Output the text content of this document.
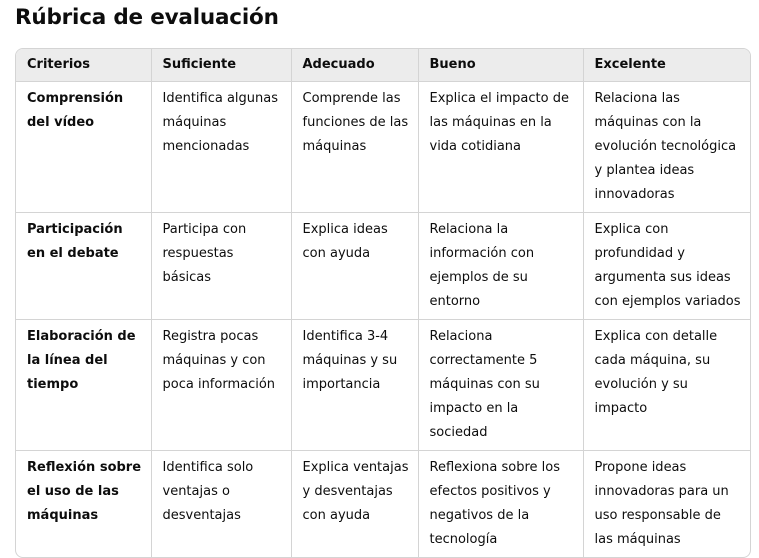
Rúbrica de evaluación
Criterios	Suficiente	Adecuado	Bueno	Excelente
Comprensión del vídeo	Identifica algunas máquinas mencionadas	Comprende las funciones de las máquinas	Explica el impacto de las máquinas en la vida cotidiana	Relaciona las máquinas con la evolución tecnológica y plantea ideas innovadoras
Participación en el debate	Participa con respuestas básicas	Explica ideas con ayuda	Relaciona la información con ejemplos de su entorno	Explica con profundidad y argumenta sus ideas con ejemplos variados
Elaboración de la línea del tiempo	Registra pocas máquinas y con poca información	Identifica 3-4 máquinas y su importancia	Relaciona correctamente 5 máquinas con su impacto en la sociedad	Explica con detalle cada máquina, su evolución y su impacto
Reflexión sobre el uso de las máquinas	Identifica solo ventajas o desventajas	Explica ventajas y desventajas con ayuda	Reflexiona sobre los efectos positivos y negativos de la tecnología	Propone ideas innovadoras para un uso responsable de las máquinas
